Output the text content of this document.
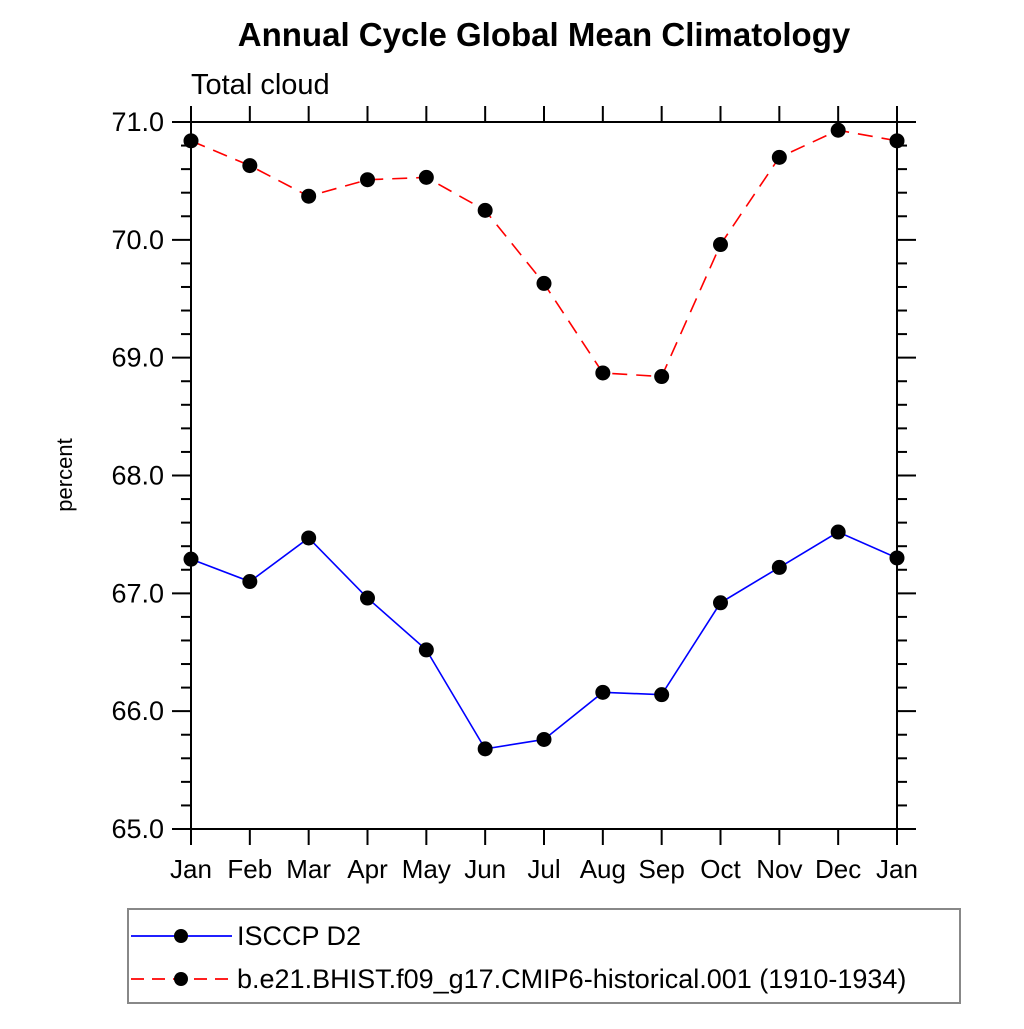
Annual Cycle Global Mean Climatology
Total cloud
percent
65.0
66.0
67.0
68.0
69.0
70.0
71.0
Jan Feb Mar Apr May Jun Jul Aug Sep Oct Nov Dec Jan
ISCCP D2
b.e21.BHIST.f09_g17.CMIP6-historical.001 (1910-1934)
